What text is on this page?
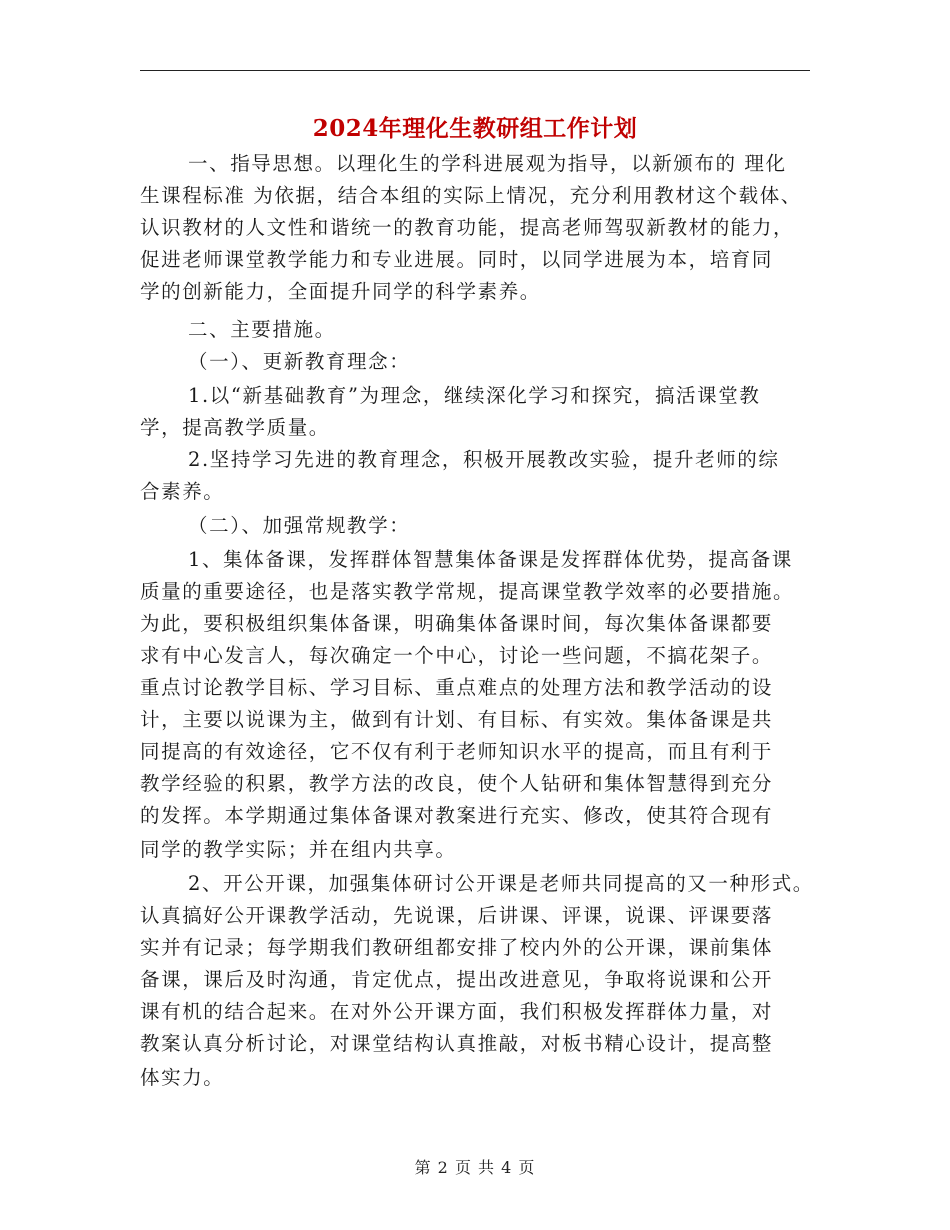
2024年理化生教研组工作计划
一、指导思想。以理化生的学科进展观为指导，以新颁布的 理化
生课程标准 为依据，结合本组的实际上情况，充分利用教材这个载体、
认识教材的人文性和谐统一的教育功能，提高老师驾驭新教材的能力，
促进老师课堂教学能力和专业进展。同时，以同学进展为本，培育同
学的创新能力，全面提升同学的科学素养。
二、主要措施。
（一）、更新教育理念：
1.以“新基础教育”为理念，继续深化学习和探究，搞活课堂教
学，提高教学质量。
2.坚持学习先进的教育理念，积极开展教改实验，提升老师的综
合素养。
（二）、加强常规教学：
1、集体备课，发挥群体智慧集体备课是发挥群体优势，提高备课
质量的重要途径，也是落实教学常规，提高课堂教学效率的必要措施。
为此，要积极组织集体备课，明确集体备课时间，每次集体备课都要
求有中心发言人，每次确定一个中心，讨论一些问题，不搞花架子。
重点讨论教学目标、学习目标、重点难点的处理方法和教学活动的设
计，主要以说课为主，做到有计划、有目标、有实效。集体备课是共
同提高的有效途径，它不仅有利于老师知识水平的提高，而且有利于
教学经验的积累，教学方法的改良，使个人钻研和集体智慧得到充分
的发挥。本学期通过集体备课对教案进行充实、修改，使其符合现有
同学的教学实际；并在组内共享。
2、开公开课，加强集体研讨公开课是老师共同提高的又一种形式。
认真搞好公开课教学活动，先说课，后讲课、评课，说课、评课要落
实并有记录；每学期我们教研组都安排了校内外的公开课，课前集体
备课，课后及时沟通，肯定优点，提出改进意见，争取将说课和公开
课有机的结合起来。在对外公开课方面，我们积极发挥群体力量，对
教案认真分析讨论，对课堂结构认真推敲，对板书精心设计，提高整
体实力。
第 2 页 共 4 页
